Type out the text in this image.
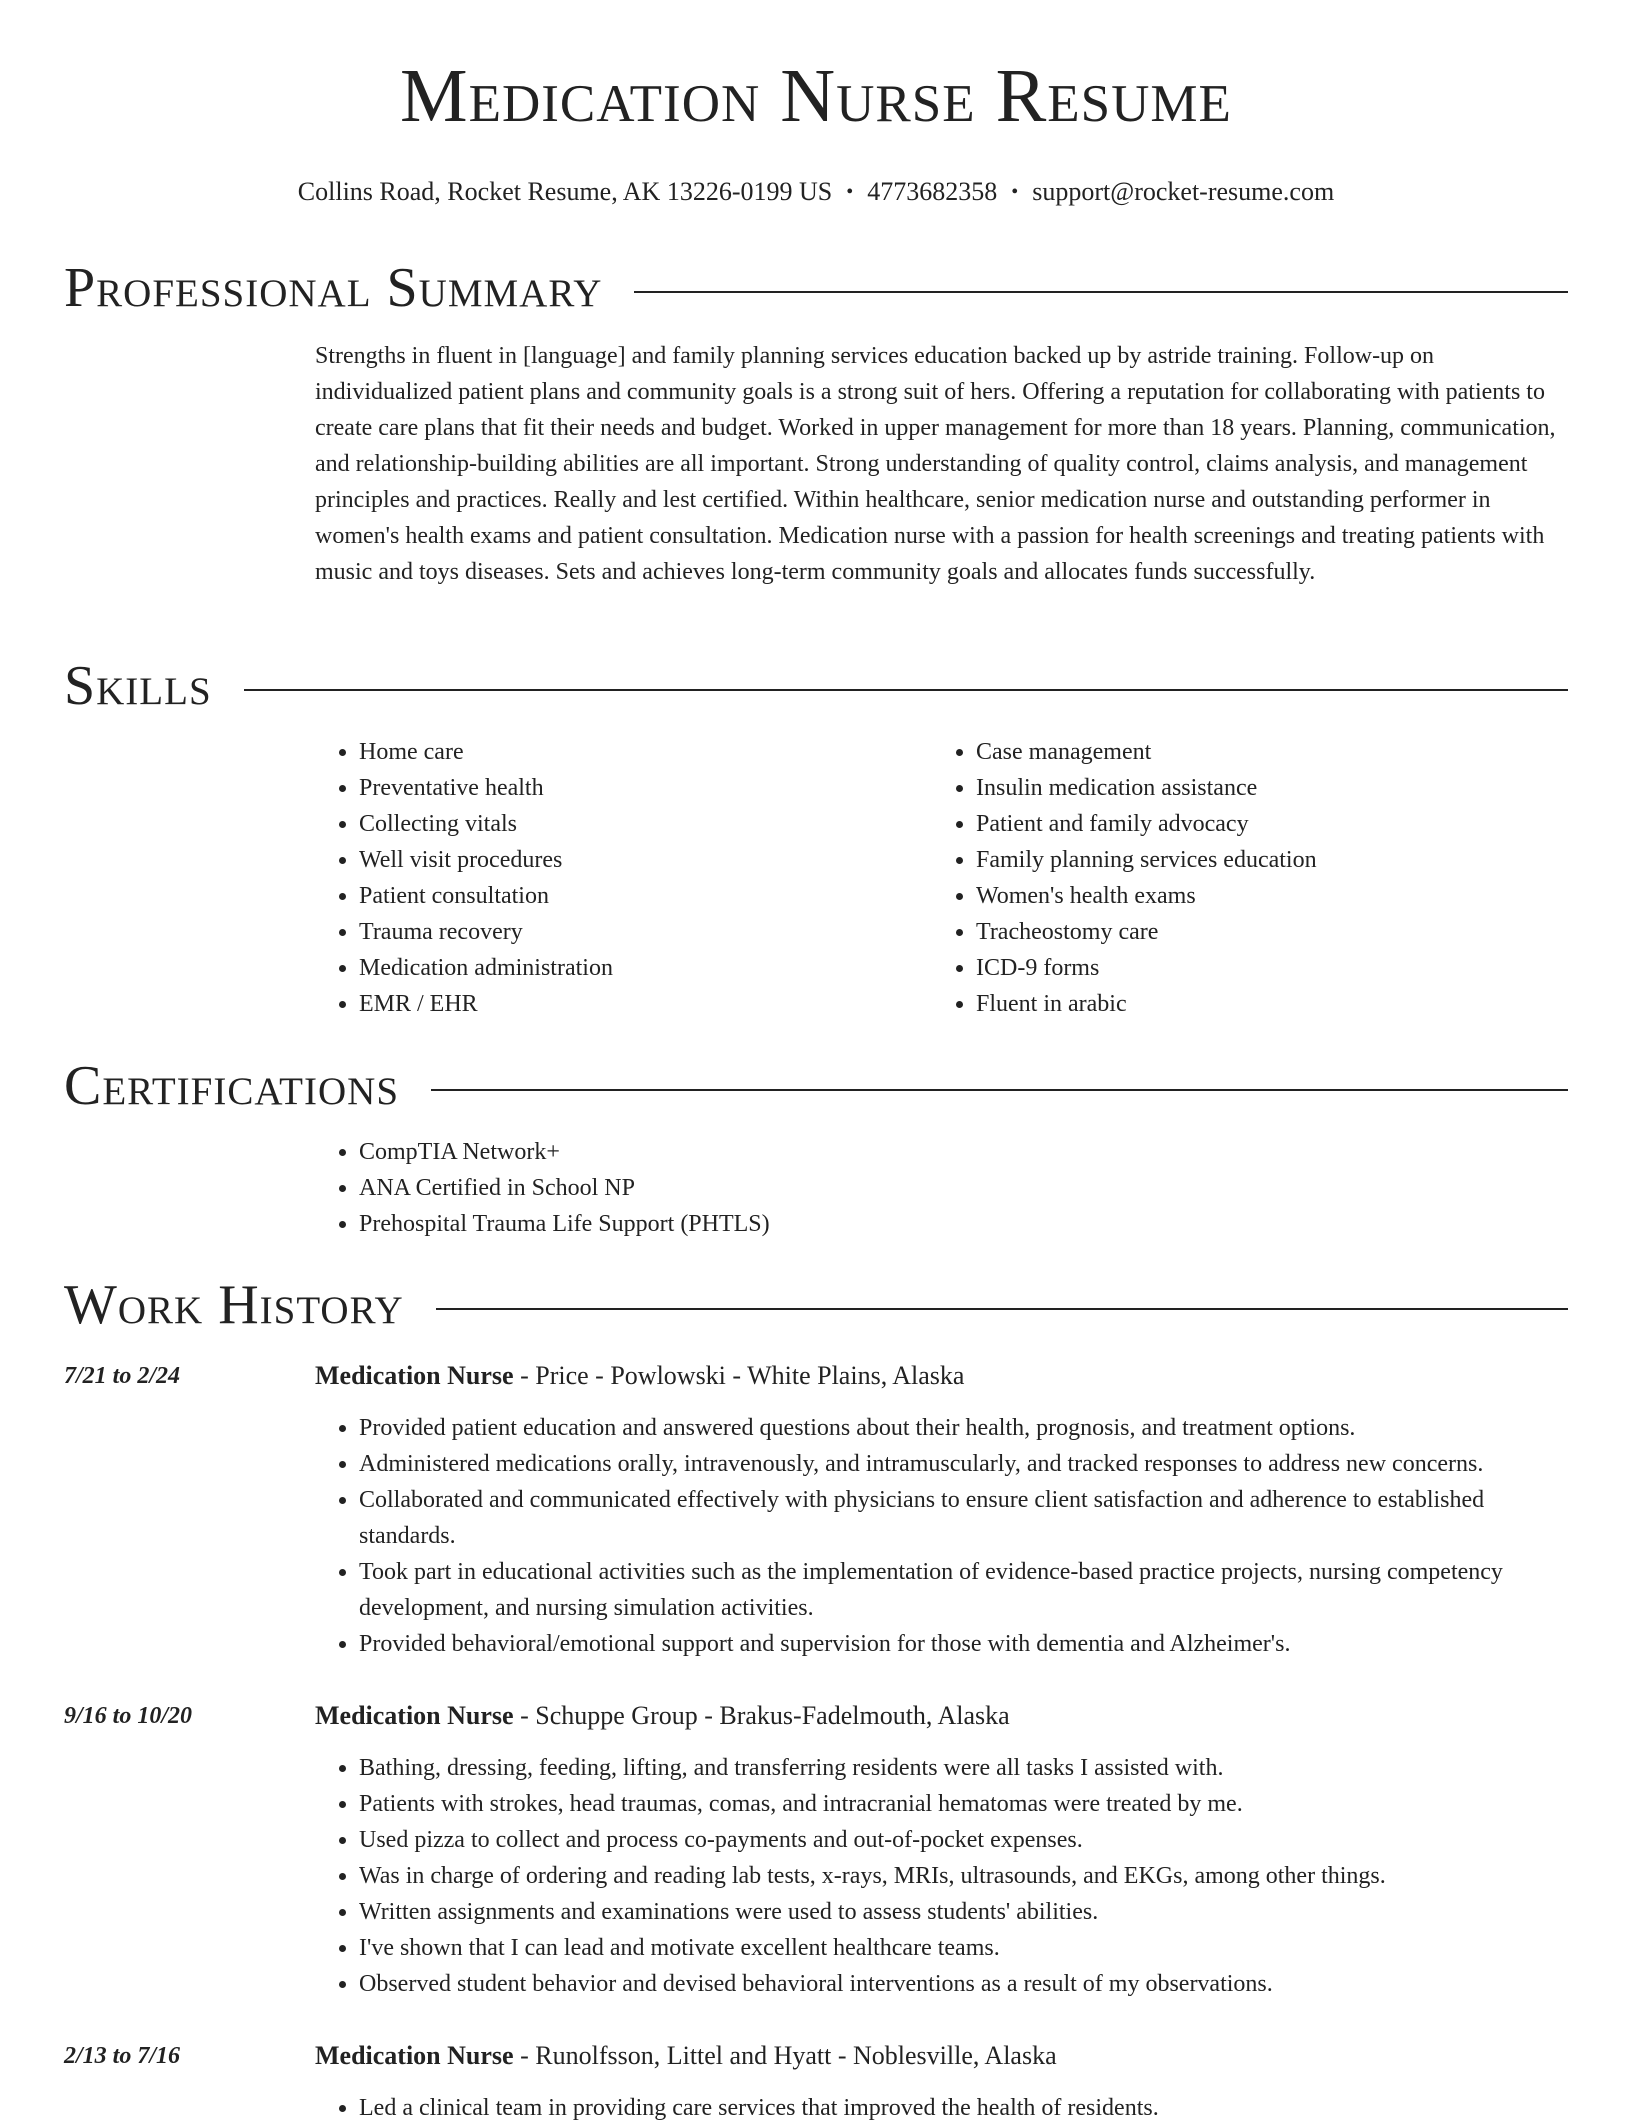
Medication Nurse Resume
Collins Road, Rocket Resume, AK 13226-0199 US • 4773682358 • support@rocket-resume.com
Professional Summary
Strengths in fluent in [language] and family planning services education backed up by astride training. Follow-up on individualized patient plans and community goals is a strong suit of hers. Offering a reputation for collaborating with patients to create care plans that fit their needs and budget. Worked in upper management for more than 18 years. Planning, communication, and relationship-building abilities are all important. Strong understanding of quality control, claims analysis, and management principles and practices. Really and lest certified. Within healthcare, senior medication nurse and outstanding performer in women's health exams and patient consultation. Medication nurse with a passion for health screenings and treating patients with music and toys diseases. Sets and achieves long-term community goals and allocates funds successfully.
Skills
• Home care
• Preventative health
• Collecting vitals
• Well visit procedures
• Patient consultation
• Trauma recovery
• Medication administration
• EMR / EHR
• Case management
• Insulin medication assistance
• Patient and family advocacy
• Family planning services education
• Women's health exams
• Tracheostomy care
• ICD-9 forms
• Fluent in arabic
Certifications
• CompTIA Network+
• ANA Certified in School NP
• Prehospital Trauma Life Support (PHTLS)
Work History
7/21 to 2/24	Medication Nurse - Price - Powlowski - White Plains, Alaska
• Provided patient education and answered questions about their health, prognosis, and treatment options.
• Administered medications orally, intravenously, and intramuscularly, and tracked responses to address new concerns.
• Collaborated and communicated effectively with physicians to ensure client satisfaction and adherence to established standards.
• Took part in educational activities such as the implementation of evidence-based practice projects, nursing competency development, and nursing simulation activities.
• Provided behavioral/emotional support and supervision for those with dementia and Alzheimer's.
9/16 to 10/20	Medication Nurse - Schuppe Group - Brakus-Fadelmouth, Alaska
• Bathing, dressing, feeding, lifting, and transferring residents were all tasks I assisted with.
• Patients with strokes, head traumas, comas, and intracranial hematomas were treated by me.
• Used pizza to collect and process co-payments and out-of-pocket expenses.
• Was in charge of ordering and reading lab tests, x-rays, MRIs, ultrasounds, and EKGs, among other things.
• Written assignments and examinations were used to assess students' abilities.
• I've shown that I can lead and motivate excellent healthcare teams.
• Observed student behavior and devised behavioral interventions as a result of my observations.
2/13 to 7/16	Medication Nurse - Runolfsson, Littel and Hyatt - Noblesville, Alaska
• Led a clinical team in providing care services that improved the health of residents.
